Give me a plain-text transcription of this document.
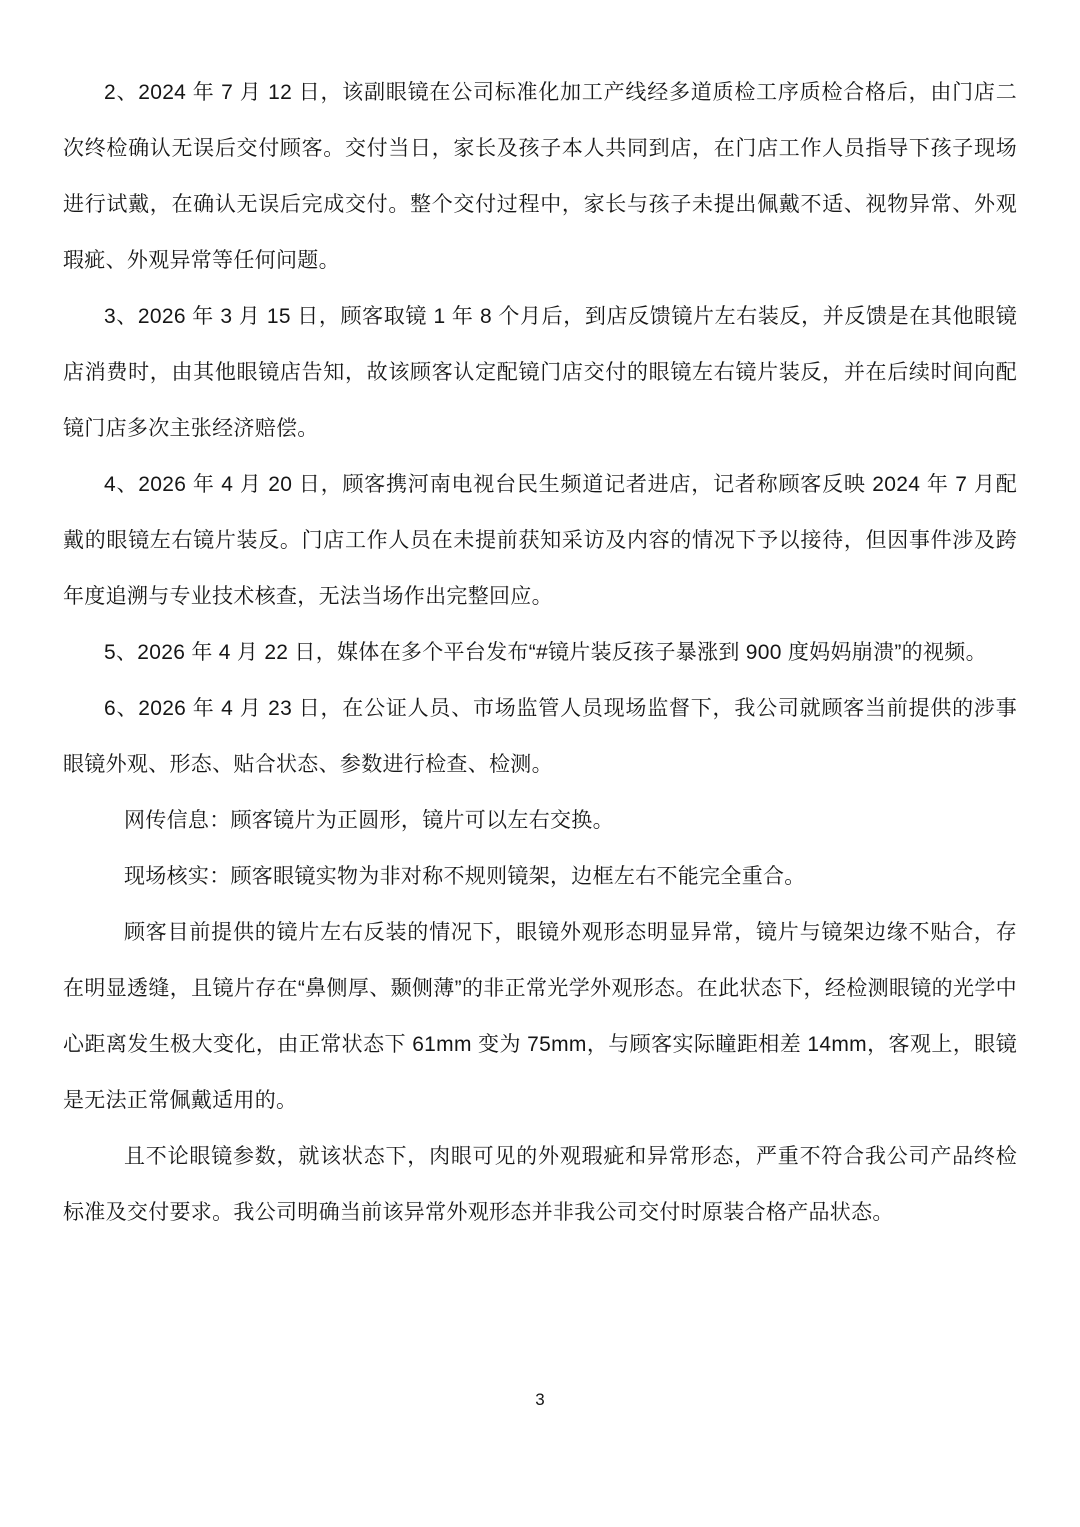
2、2024 年 7 月 12 日，该副眼镜在公司标准化加工产线经多道质检工序质检合格后，由门店二次终检确认无误后交付顾客。交付当日，家长及孩子本人共同到店，在门店工作人员指导下孩子现场进行试戴，在确认无误后完成交付。整个交付过程中，家长与孩子未提出佩戴不适、视物异常、外观瑕疵、外观异常等任何问题。

3、2026 年 3 月 15 日，顾客取镜 1 年 8 个月后，到店反馈镜片左右装反，并反馈是在其他眼镜店消费时，由其他眼镜店告知，故该顾客认定配镜门店交付的眼镜左右镜片装反，并在后续时间向配镜门店多次主张经济赔偿。

4、2026 年 4 月 20 日，顾客携河南电视台民生频道记者进店，记者称顾客反映 2024 年 7 月配戴的眼镜左右镜片装反。门店工作人员在未提前获知采访及内容的情况下予以接待，但因事件涉及跨年度追溯与专业技术核查，无法当场作出完整回应。

5、2026 年 4 月 22 日，媒体在多个平台发布“#镜片装反孩子暴涨到 900 度妈妈崩溃”的视频。

6、2026 年 4 月 23 日，在公证人员、市场监管人员现场监督下，我公司就顾客当前提供的涉事眼镜外观、形态、贴合状态、参数进行检查、检测。

网传信息：顾客镜片为正圆形，镜片可以左右交换。

现场核实：顾客眼镜实物为非对称不规则镜架，边框左右不能完全重合。

顾客目前提供的镜片左右反装的情况下，眼镜外观形态明显异常，镜片与镜架边缘不贴合，存在明显透缝，且镜片存在“鼻侧厚、颞侧薄”的非正常光学外观形态。在此状态下，经检测眼镜的光学中心距离发生极大变化，由正常状态下 61mm 变为 75mm，与顾客实际瞳距相差 14mm，客观上，眼镜是无法正常佩戴适用的。

且不论眼镜参数，就该状态下，肉眼可见的外观瑕疵和异常形态，严重不符合我公司产品终检标准及交付要求。我公司明确当前该异常外观形态并非我公司交付时原装合格产品状态。

3
